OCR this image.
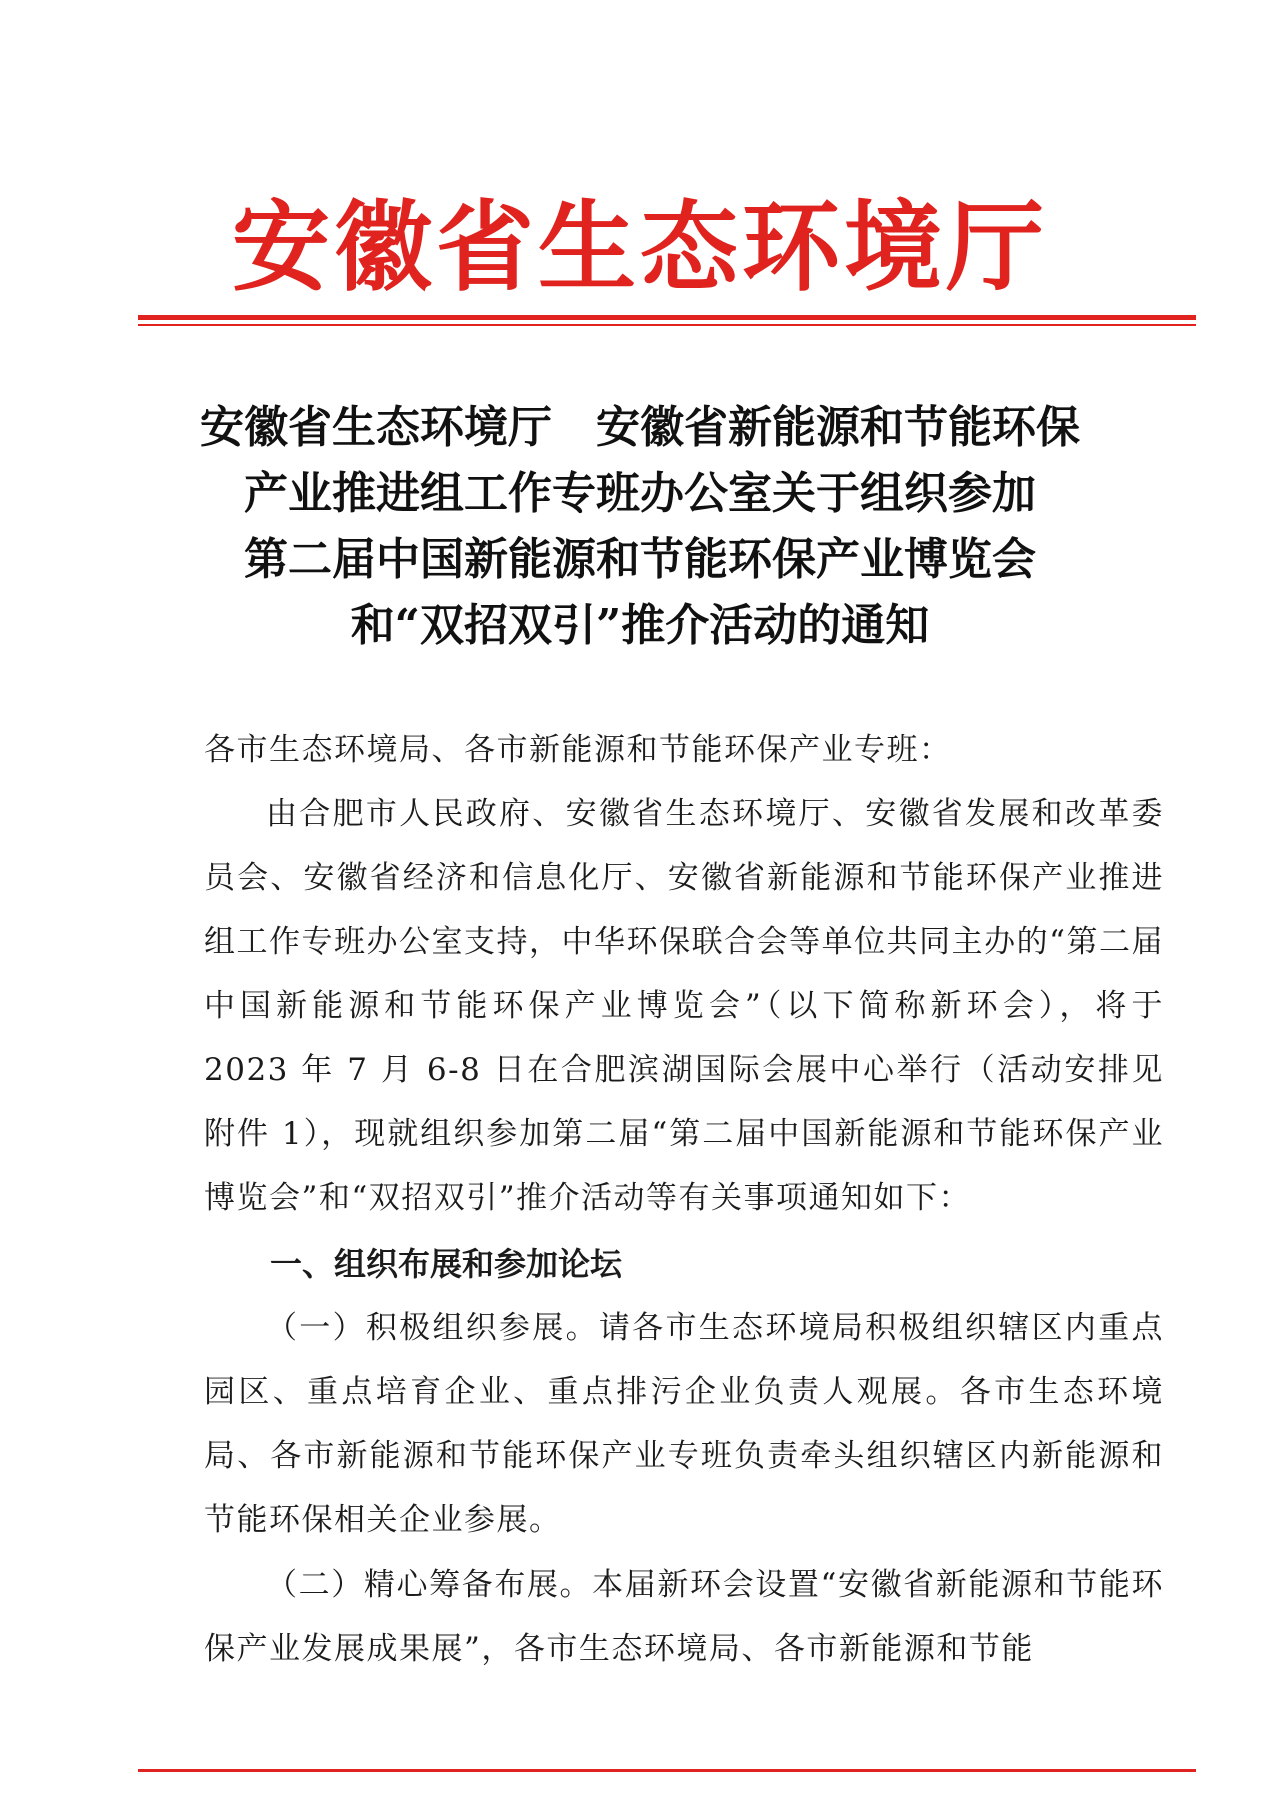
安徽省生态环境厅
安徽省生态环境厅　安徽省新能源和节能环保
产业推进组工作专班办公室关于组织参加
第二届中国新能源和节能环保产业博览会
和“双招双引”推介活动的通知
各市生态环境局、各市新能源和节能环保产业专班：

由合肥市人民政府、安徽省生态环境厅、安徽省发展和改革委员会、安徽省经济和信息化厅、安徽省新能源和节能环保产业推进组工作专班办公室支持，中华环保联合会等单位共同主办的“第二届中国新能源和节能环保产业博览会”（以下简称新环会），将于 2023 年 7 月 6-8 日在合肥滨湖国际会展中心举行（活动安排见附件 1），现就组织参加第二届“第二届中国新能源和节能环保产业博览会”和“双招双引”推介活动等有关事项通知如下：

一、组织布展和参加论坛

（一）积极组织参展。请各市生态环境局积极组织辖区内重点园区、重点培育企业、重点排污企业负责人观展。各市生态环境局、各市新能源和节能环保产业专班负责牵头组织辖区内新能源和节能环保相关企业参展。

（二）精心筹备布展。本届新环会设置“安徽省新能源和节能环保产业发展成果展”，各市生态环境局、各市新能源和节能
